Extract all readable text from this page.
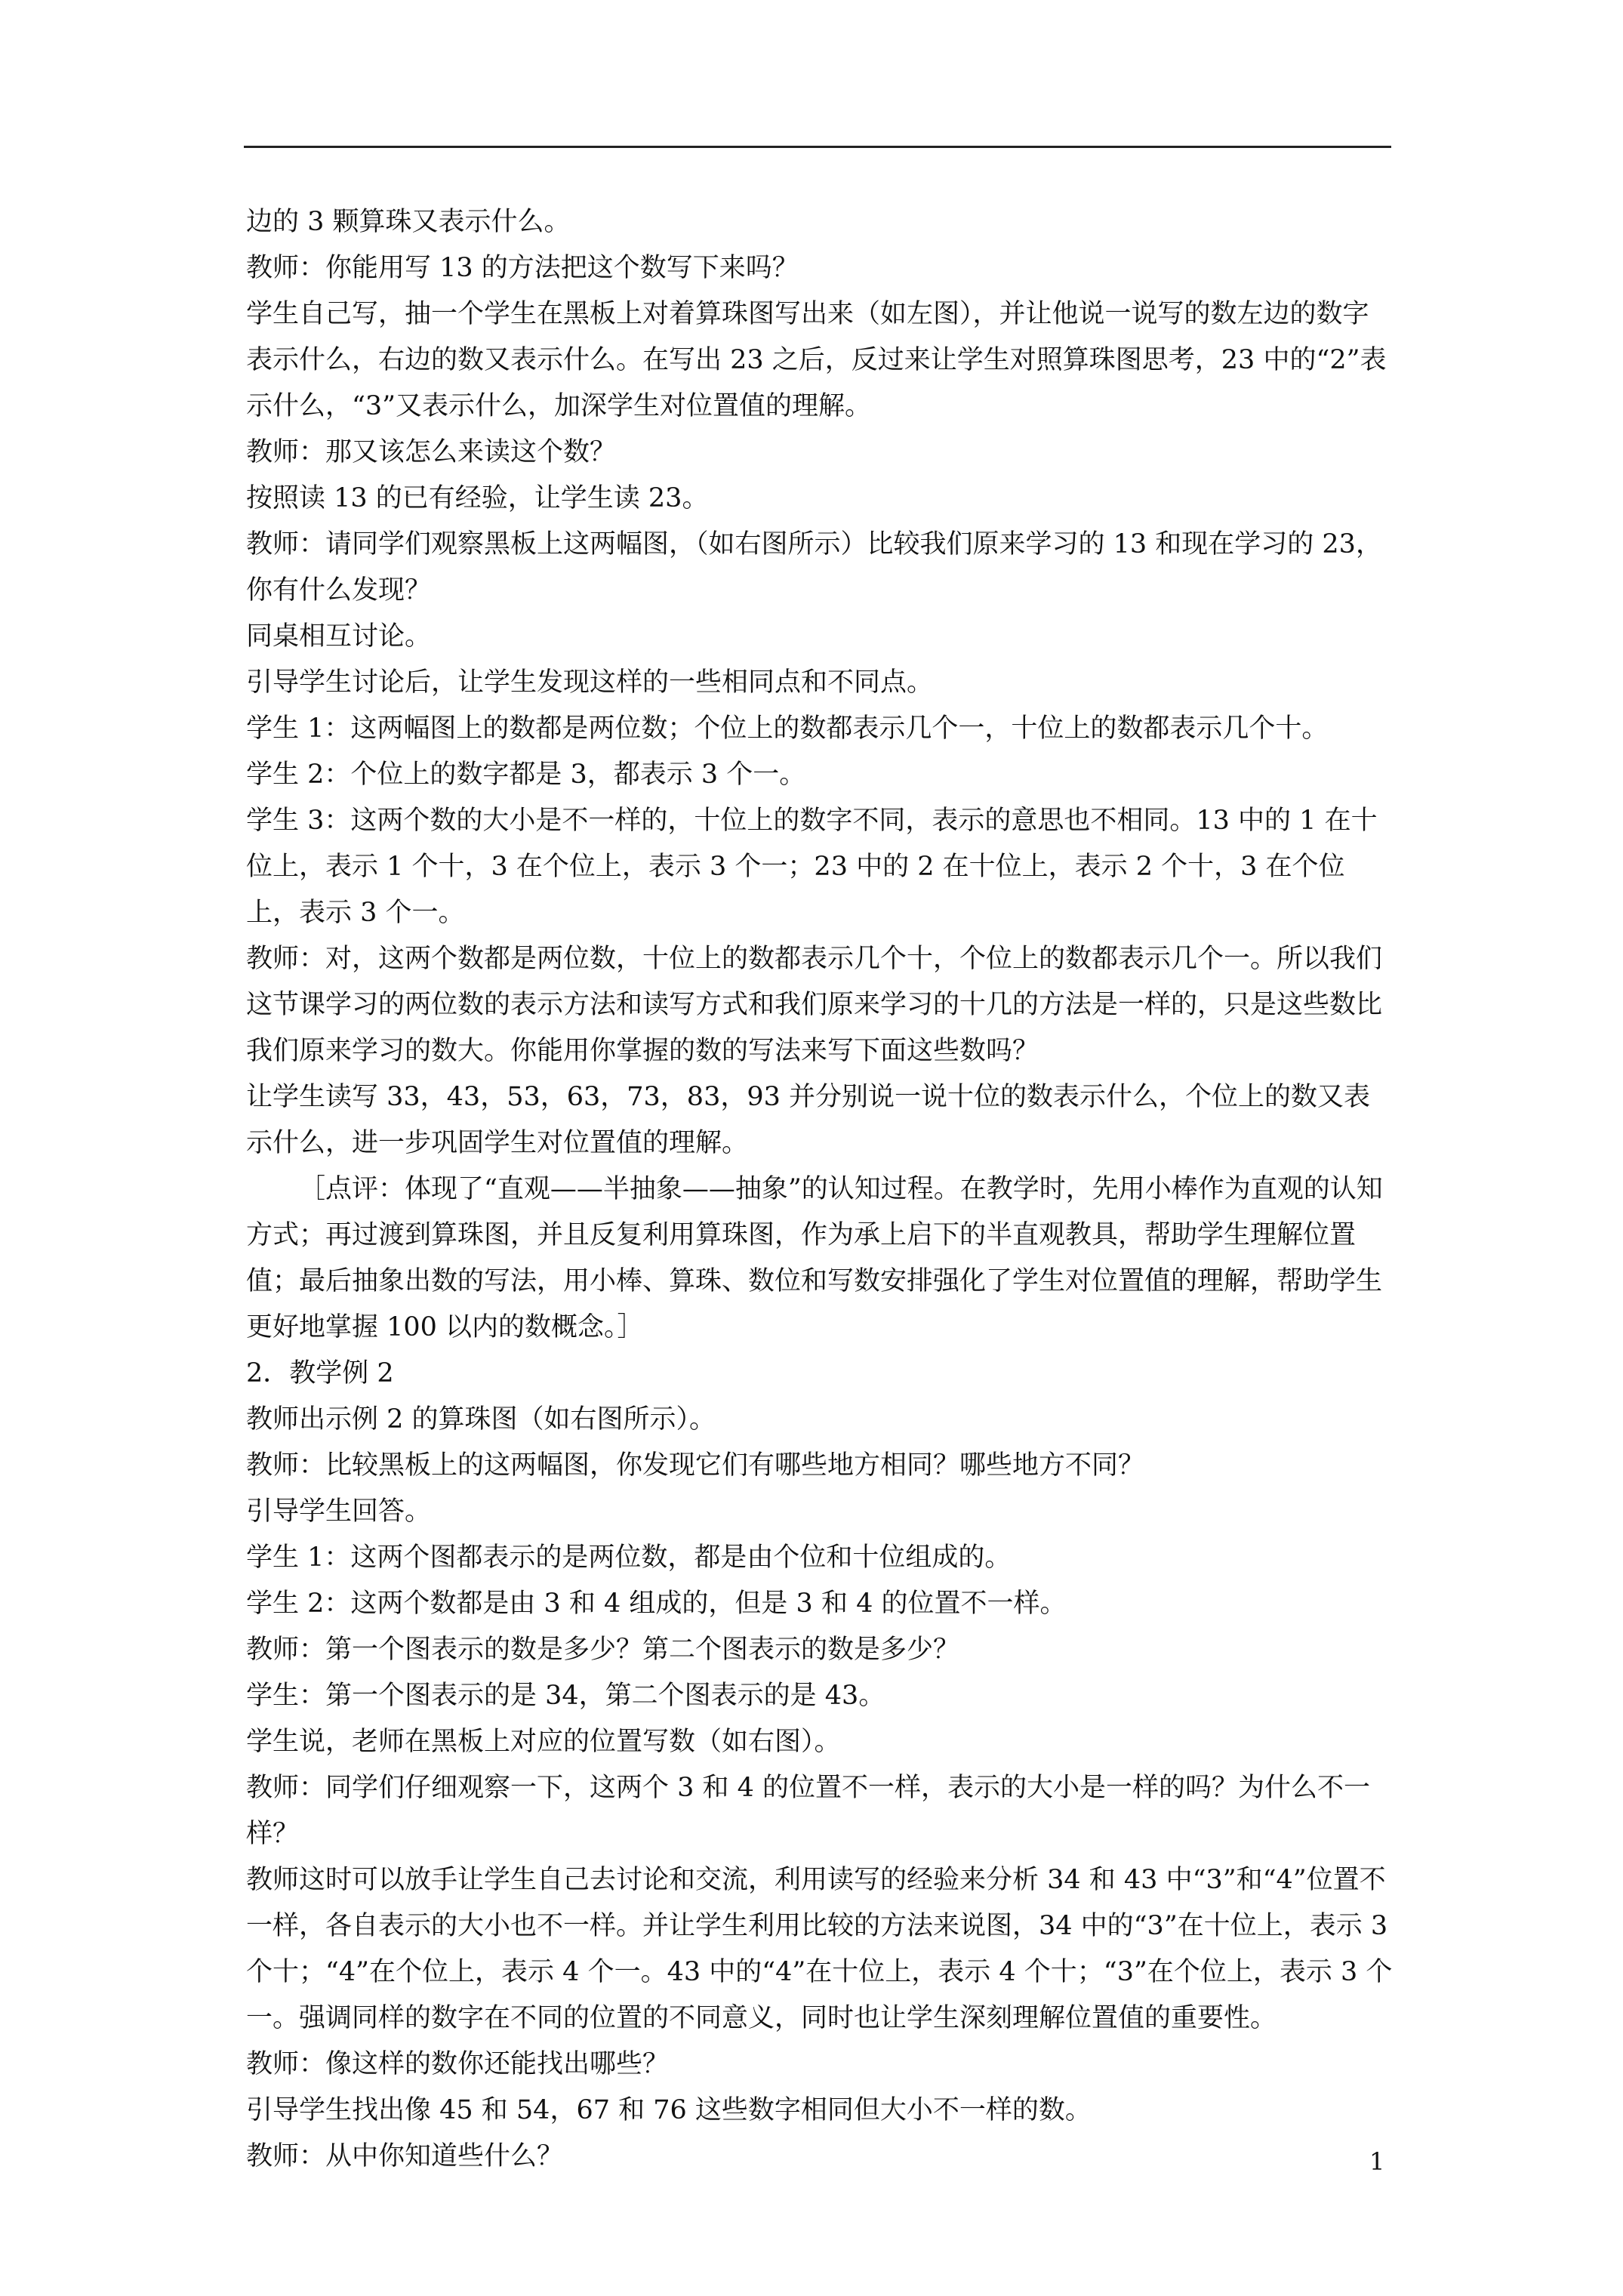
边的 3 颗算珠又表示什么。

教师：你能用写 13 的方法把这个数写下来吗？

学生自己写，抽一个学生在黑板上对着算珠图写出来（如左图），并让他说一说写的数左边的数字表示什么，右边的数又表示什么。在写出 23 之后，反过来让学生对照算珠图思考，23 中的“2”表示什么，“3”又表示什么，加深学生对位置值的理解。

教师：那又该怎么来读这个数？

按照读 13 的已有经验，让学生读 23。

教师：请同学们观察黑板上这两幅图，（如右图所示）比较我们原来学习的 13 和现在学习的 23，你有什么发现？

同桌相互讨论。

引导学生讨论后，让学生发现这样的一些相同点和不同点。

学生 1：这两幅图上的数都是两位数；个位上的数都表示几个一，十位上的数都表示几个十。

学生 2：个位上的数字都是 3，都表示 3 个一。

学生 3：这两个数的大小是不一样的，十位上的数字不同，表示的意思也不相同。13 中的 1 在十位上，表示 1 个十，3 在个位上，表示 3 个一；23 中的 2 在十位上，表示 2 个十，3 在个位上，表示 3 个一。

教师：对，这两个数都是两位数，十位上的数都表示几个十，个位上的数都表示几个一。所以我们这节课学习的两位数的表示方法和读写方式和我们原来学习的十几的方法是一样的，只是这些数比我们原来学习的数大。你能用你掌握的数的写法来写下面这些数吗？

让学生读写 33，43，53，63，73，83，93 并分别说一说十位的数表示什么，个位上的数又表示什么，进一步巩固学生对位置值的理解。

［点评：体现了“直观——半抽象——抽象”的认知过程。在教学时，先用小棒作为直观的认知方式；再过渡到算珠图，并且反复利用算珠图，作为承上启下的半直观教具，帮助学生理解位置值；最后抽象出数的写法，用小棒、算珠、数位和写数安排强化了学生对位置值的理解，帮助学生更好地掌握 100 以内的数概念。］

2．教学例 2

教师出示例 2 的算珠图（如右图所示）。

教师：比较黑板上的这两幅图，你发现它们有哪些地方相同？哪些地方不同？

引导学生回答。

学生 1：这两个图都表示的是两位数，都是由个位和十位组成的。

学生 2：这两个数都是由 3 和 4 组成的，但是 3 和 4 的位置不一样。

教师：第一个图表示的数是多少？第二个图表示的数是多少？

学生：第一个图表示的是 34，第二个图表示的是 43。

学生说，老师在黑板上对应的位置写数（如右图）。

教师：同学们仔细观察一下，这两个 3 和 4 的位置不一样，表示的大小是一样的吗？为什么不一样？

教师这时可以放手让学生自己去讨论和交流，利用读写的经验来分析 34 和 43 中“3”和“4”位置不一样，各自表示的大小也不一样。并让学生利用比较的方法来说图，34 中的“3”在十位上，表示 3 个十；“4”在个位上，表示 4 个一。43 中的“4”在十位上，表示 4 个十；“3”在个位上，表示 3 个一。强调同样的数字在不同的位置的不同意义，同时也让学生深刻理解位置值的重要性。

教师：像这样的数你还能找出哪些？

引导学生找出像 45 和 54，67 和 76 这些数字相同但大小不一样的数。

教师：从中你知道些什么？	1
